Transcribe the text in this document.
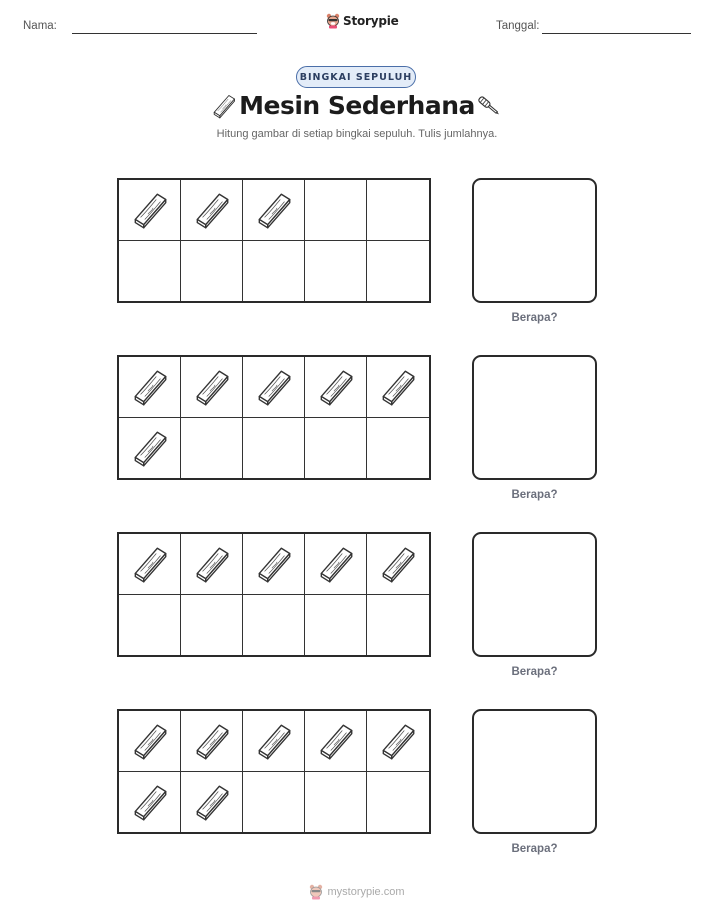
Nama:	Storypie	Tanggal:
BINGKAI SEPULUH
Mesin Sederhana
Hitung gambar di setiap bingkai sepuluh. Tulis jumlahnya.
Berapa?
Berapa?
Berapa?
Berapa?
mystorypie.com
